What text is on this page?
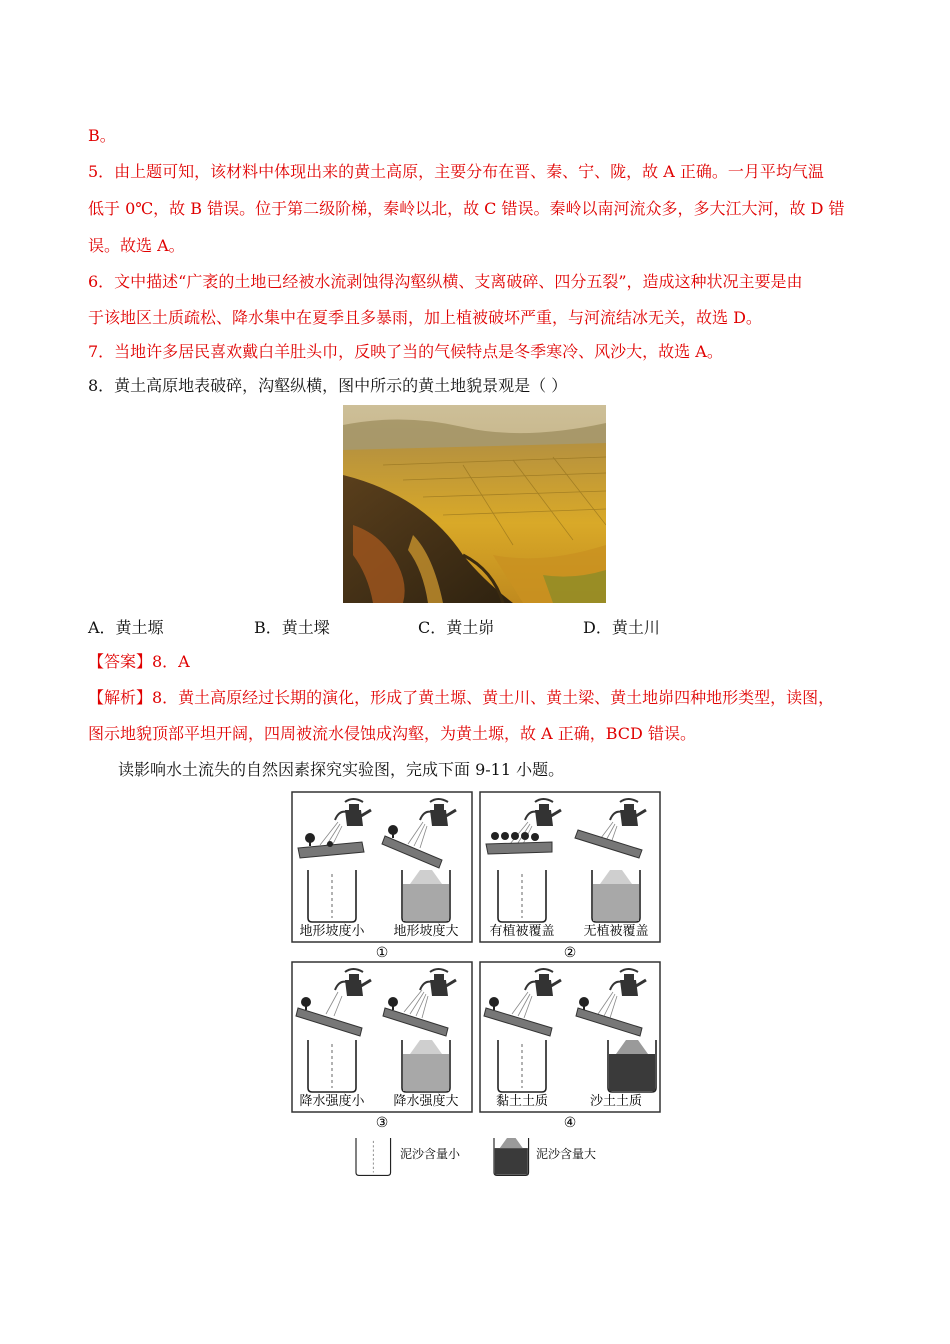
B。
5．由上题可知，该材料中体现出来的黄土高原，主要分布在晋、秦、宁、陇，故 A 正确。一月平均气温
低于 0℃，故 B 错误。位于第二级阶梯，秦岭以北，故 C 错误。秦岭以南河流众多，多大江大河，故 D 错
误。故选 A。
6．文中描述“广袤的土地已经被水流剥蚀得沟壑纵横、支离破碎、四分五裂”，造成这种状况主要是由
于该地区土质疏松、降水集中在夏季且多暴雨，加上植被破坏严重，与河流结冰无关，故选 D。
7．当地许多居民喜欢戴白羊肚头巾，反映了当的气候特点是冬季寒冷、风沙大，故选 A。
8．黄土高原地表破碎，沟壑纵横，图中所示的黄土地貌景观是（ ）
A．黄土塬	B．黄土墚	C．黄土峁	D．黄土川
【答案】8．A
【解析】8．黄土高原经过长期的演化，形成了黄土塬、黄土川、黄土梁、黄土地峁四种地形类型，读图，
图示地貌顶部平坦开阔，四周被流水侵蚀成沟壑，为黄土塬，故 A 正确，BCD 错误。
读影响水土流失的自然因素探究实验图，完成下面 9-11 小题。
地形坡度小 地形坡度大
①
有植被覆盖 无植被覆盖
②
降水强度小 降水强度大
③
黏土土质	沙土土质
④
泥沙含量小	泥沙含量大
